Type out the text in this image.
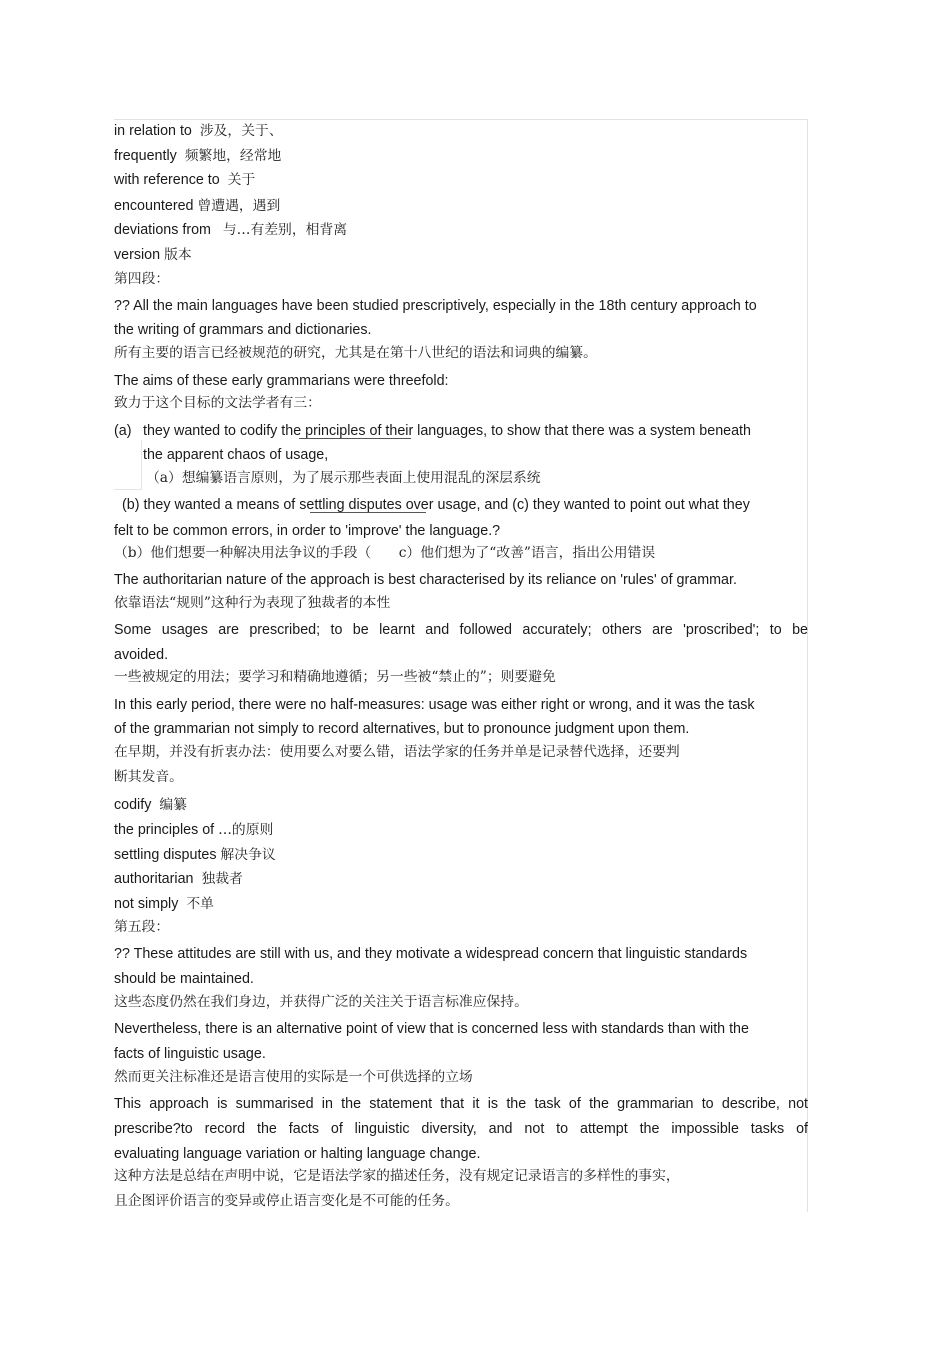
in relation to 涉及，关于、

frequently 频繁地，经常地

with reference to 关于

encountered 曾遭遇，遇到

deviations from 与…有差别，相背离

version 版本

第四段：

?? All the main languages have been studied prescriptively, especially in the 18th century approach to

the writing of grammars and dictionaries.

所有主要的语言已经被规范的研究，尤其是在第十八世纪的语法和词典的编纂。

The aims of these early grammarians were threefold:

致力于这个目标的文法学者有三：

(a) they wanted to codify the principles of their languages, to show that there was a system beneath

the apparent chaos of usage,

（a）想编纂语言原则，为了展示那些表面上使用混乱的深层系统

(b) they wanted a means of settling disputes over usage, and (c) they wanted to point out what they

felt to be common errors, in order to 'improve' the language.?

（b）他们想要一种解决用法争议的手段（　　c）他们想为了“改善”语言，指出公用错误

The authoritarian nature of the approach is best characterised by its reliance on 'rules' of grammar.

依靠语法“规则”这种行为表现了独裁者的本性

Some usages are prescribed; to be learnt and followed accurately; others are 'proscribed'; to be

avoided.

一些被规定的用法；要学习和精确地遵循；另一些被“禁止的”；则要避免

In this early period, there were no half-measures: usage was either right or wrong, and it was the task

of the grammarian not simply to record alternatives, but to pronounce judgment upon them.

在早期，并没有折衷办法：使用要么对要么错，语法学家的任务并单是记录替代选择，还要判

断其发音。

codify 编纂

the principles of …的原则

settling disputes 解决争议

authoritarian 独裁者

not simply 不单

第五段：

?? These attitudes are still with us, and they motivate a widespread concern that linguistic standards

should be maintained.

这些态度仍然在我们身边，并获得广泛的关注关于语言标准应保持。

Nevertheless, there is an alternative point of view that is concerned less with standards than with the

facts of linguistic usage.

然而更关注标准还是语言使用的实际是一个可供选择的立场

This approach is summarised in the statement that it is the task of the grammarian to describe, not

prescribe?to record the facts of linguistic diversity, and not to attempt the impossible tasks of

evaluating language variation or halting language change.

这种方法是总结在声明中说，它是语法学家的描述任务，没有规定记录语言的多样性的事实，

且企图评价语言的变异或停止语言变化是不可能的任务。
